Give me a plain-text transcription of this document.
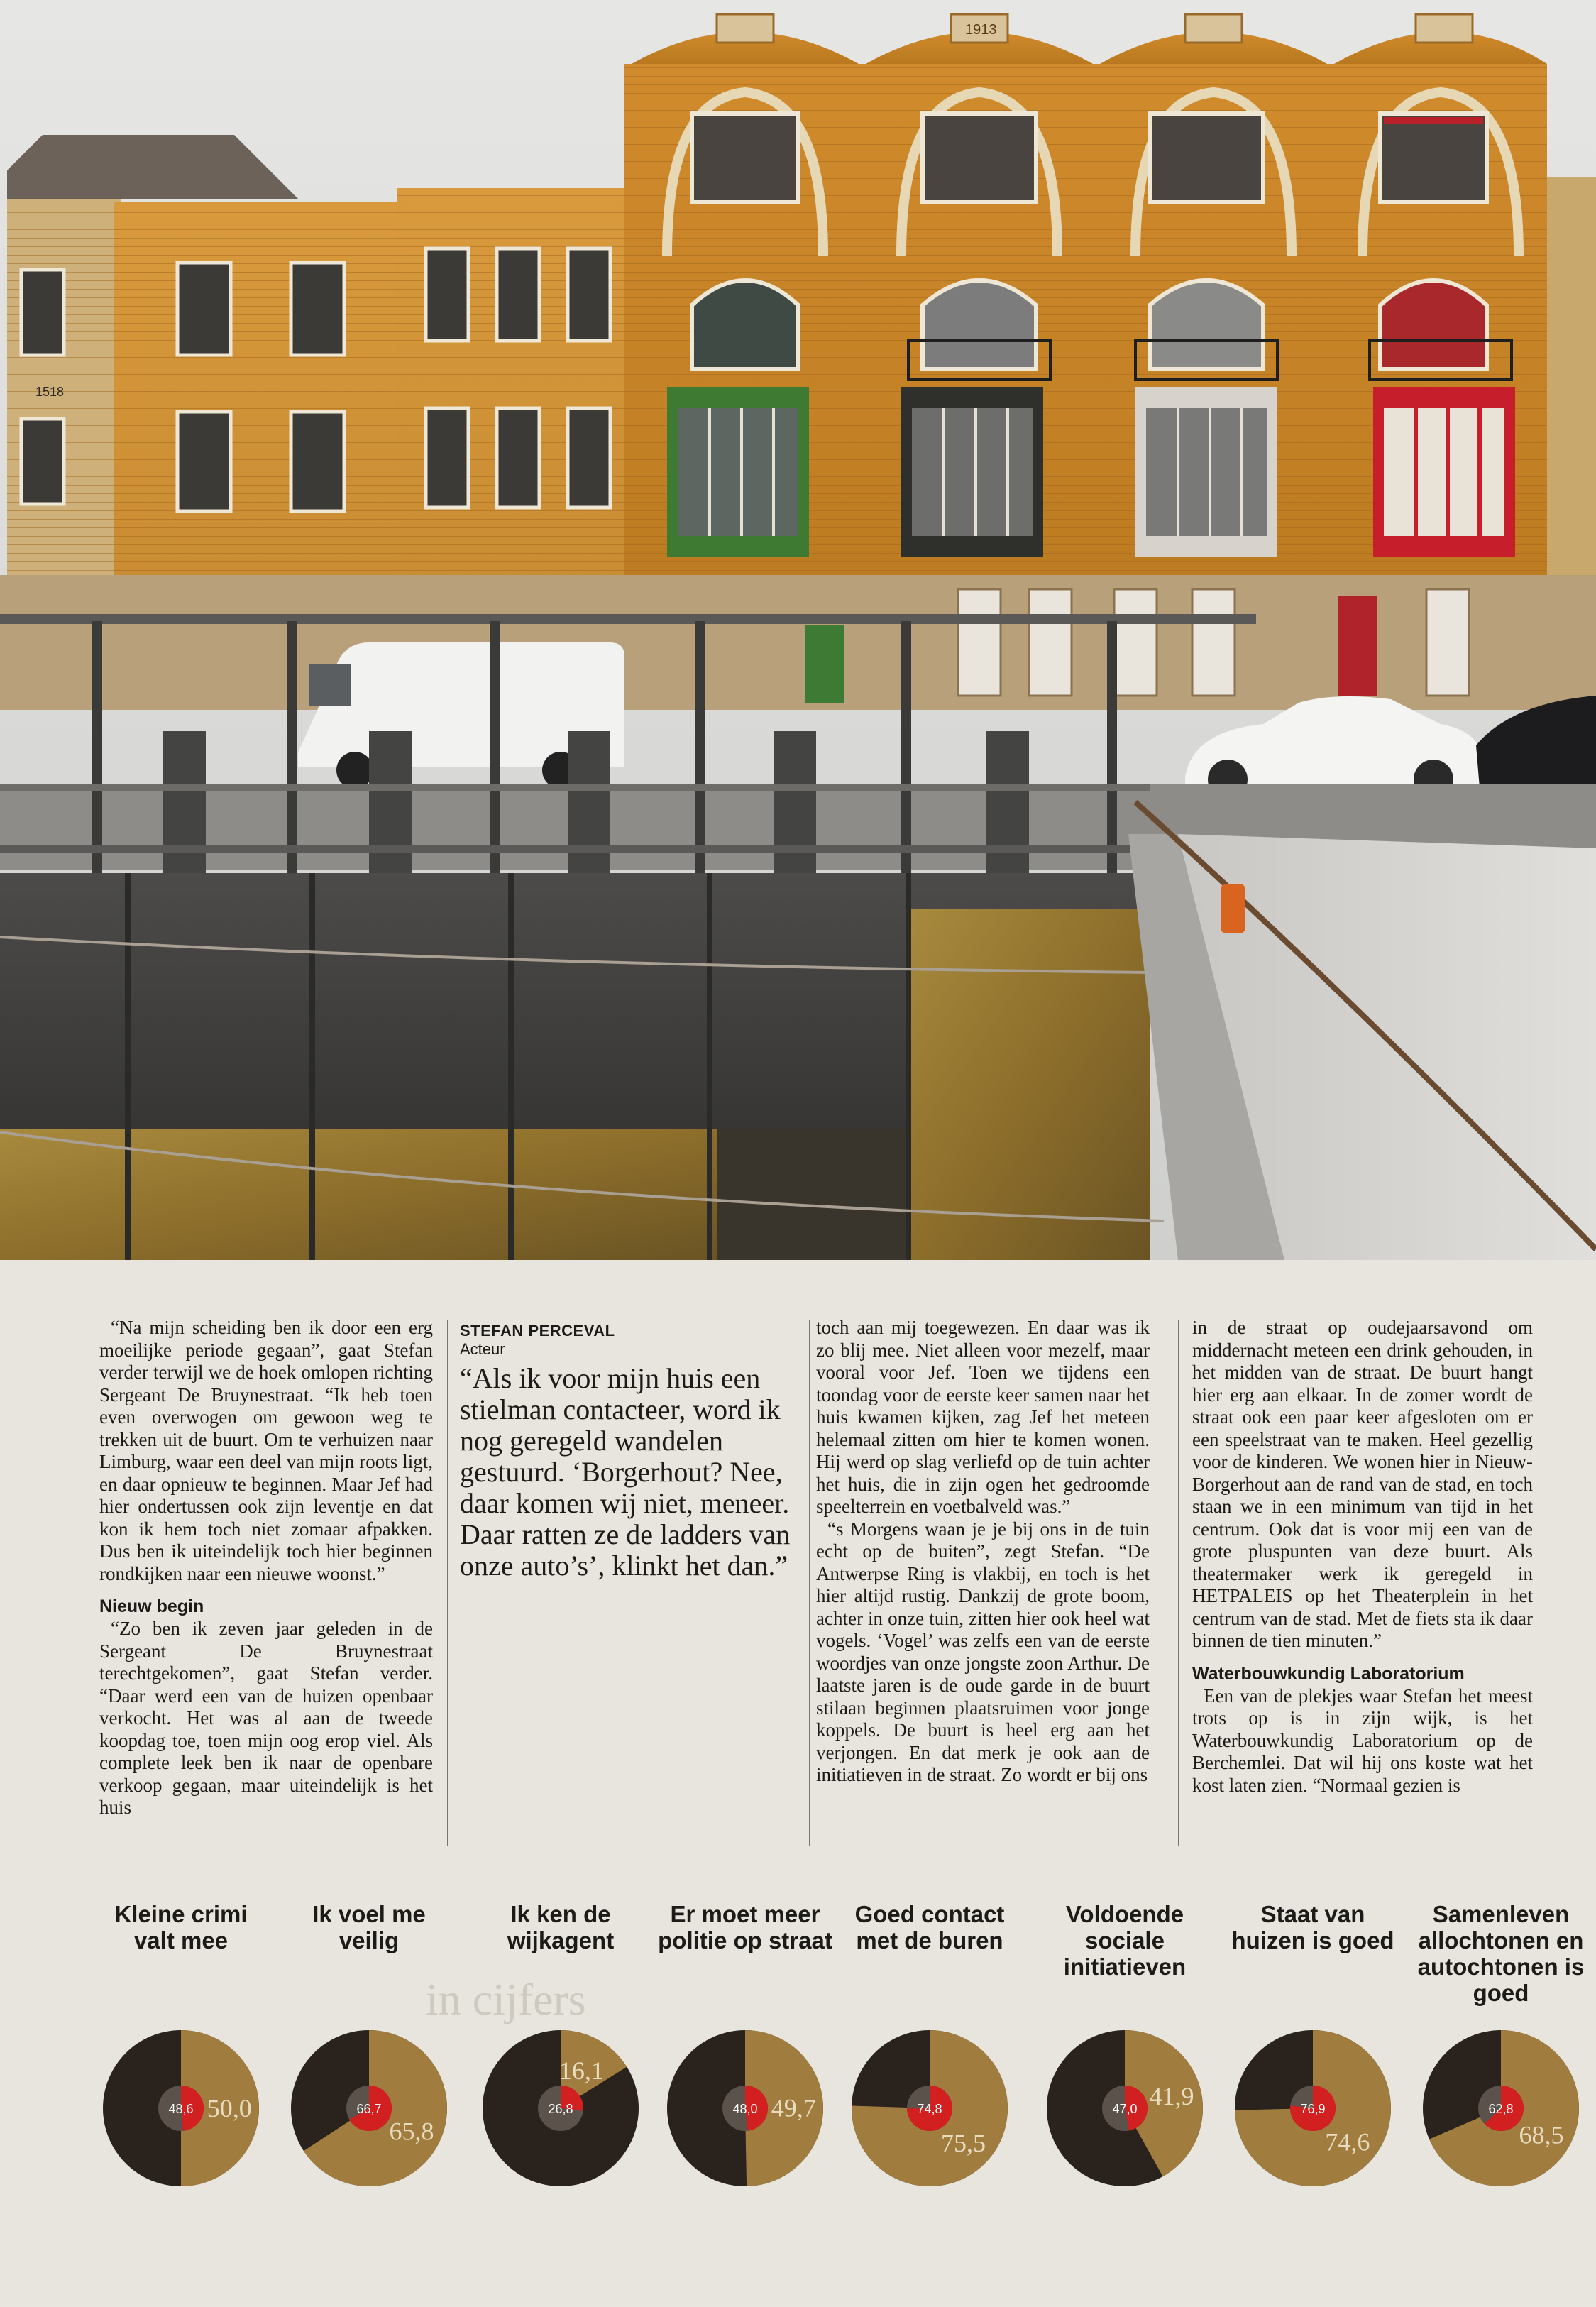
1518
1913
in cijfers

“Na mijn scheiding ben ik door een erg moeilijke periode gegaan”, gaat Stefan verder terwijl we de hoek omlopen richting Sergeant De Bruynestraat. “Ik heb toen even overwogen om gewoon weg te trekken uit de buurt. Om te verhuizen naar Limburg, waar een deel van mijn roots ligt, en daar opnieuw te beginnen. Maar Jef had hier ondertussen ook zijn leventje en dat kon ik hem toch niet zomaar afpakken. Dus ben ik uiteindelijk toch hier beginnen rondkijken naar een nieuwe woonst.”

Nieuw begin

“Zo ben ik zeven jaar geleden in de Sergeant De Bruynestraat terechtgekomen”, gaat Stefan verder. “Daar werd een van de huizen openbaar verkocht. Het was al aan de tweede koopdag toe, toen mijn oog erop viel. Als complete leek ben ik naar de openbare verkoop gegaan, maar uiteindelijk is het huis

STEFAN PERCEVAL
Acteur
“Als ik voor mijn huis een stielman contacteer, word ik nog geregeld wandelen gestuurd. ‘Borgerhout? Nee, daar komen wij niet, meneer. Daar ratten ze de ladders van onze auto’s’, klinkt het dan.”

toch aan mij toegewezen. En daar was ik zo blij mee. Niet alleen voor mezelf, maar vooral voor Jef. Toen we tijdens een toondag voor de eerste keer samen naar het huis kwamen kijken, zag Jef het meteen helemaal zitten om hier te komen wonen. Hij werd op slag verliefd op de tuin achter het huis, die in zijn ogen het gedroomde speelterrein en voetbalveld was.”

“s Morgens waan je je bij ons in de tuin echt op de buiten”, zegt Stefan. “De Antwerpse Ring is vlakbij, en toch is het hier altijd rustig. Dankzij de grote boom, achter in onze tuin, zitten hier ook heel wat vogels. ‘Vogel’ was zelfs een van de eerste woordjes van onze jongste zoon Arthur. De laatste jaren is de oude garde in de buurt stilaan beginnen plaatsruimen voor jonge koppels. De buurt is heel erg aan het verjongen. En dat merk je ook aan de initiatieven in de straat. Zo wordt er bij ons

in de straat op oudejaarsavond om middernacht meteen een drink gehouden, in het midden van de straat. De buurt hangt hier erg aan elkaar. In de zomer wordt de straat ook een paar keer afgesloten om er een speelstraat van te maken. Heel gezellig voor de kinderen. We wonen hier in Nieuw-Borgerhout aan de rand van de stad, en toch staan we in een minimum van tijd in het centrum. Ook dat is voor mij een van de grote pluspunten van deze buurt. Als theatermaker werk ik geregeld in HETPALEIS op het Theaterplein in het centrum van de stad. Met de fiets sta ik daar binnen de tien minuten.”

Waterbouwkundig Laboratorium

Een van de plekjes waar Stefan het meest trots op is in zijn wijk, is het Waterbouwkundig Laboratorium op de Berchemlei. Dat wil hij ons koste wat het kost laten zien. “Normaal gezien is

Kleine crimi valt mee
50,0
48,6
Ik voel me veilig
65,8
66,7
Ik ken de wijkagent
16,1
26,8
Er moet meer politie op straat
49,7
48,0
Goed contact met de buren
75,5
74,8
Voldoende sociale initiatieven
41,9
47,0
Staat van huizen is goed
74,6
76,9
Samenleven allochtonen en autochtonen is goed
68,5
62,8
